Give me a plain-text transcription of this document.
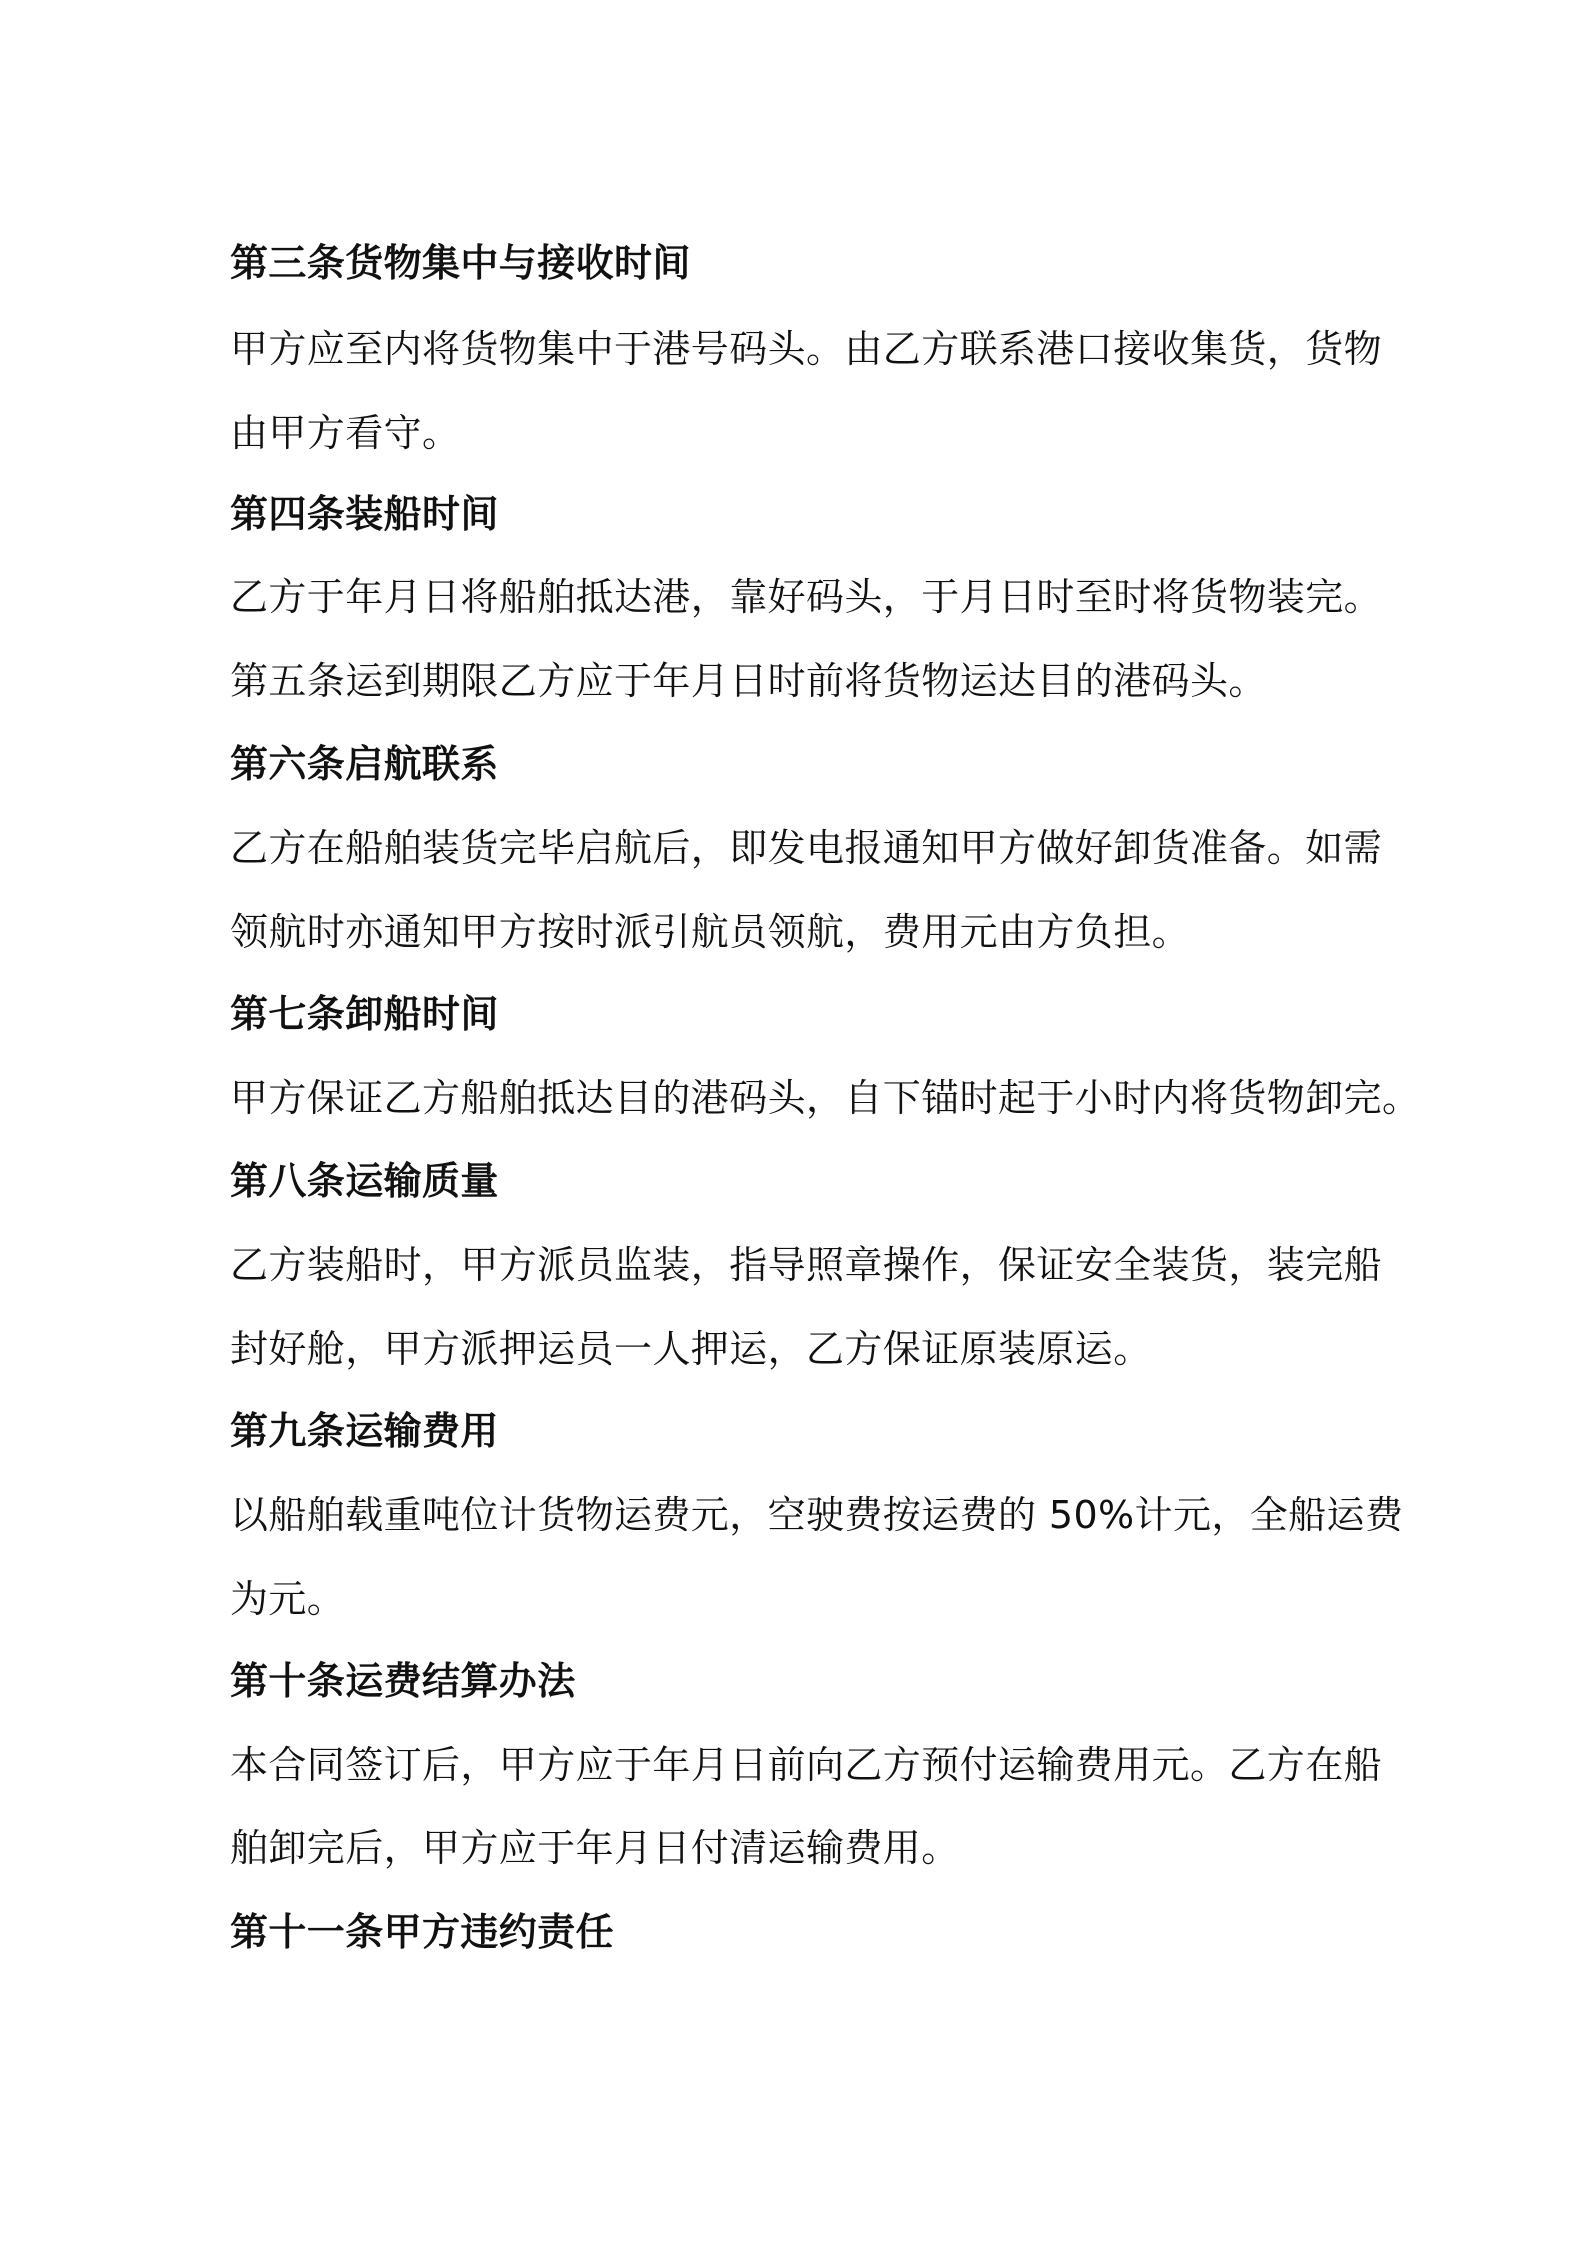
第三条货物集中与接收时间
甲方应至内将货物集中于港号码头。由乙方联系港口接收集货，货物
由甲方看守。
第四条装船时间
乙方于年月日将船舶抵达港，靠好码头，于月日时至时将货物装完。
第五条运到期限乙方应于年月日时前将货物运达目的港码头。
第六条启航联系
乙方在船舶装货完毕启航后，即发电报通知甲方做好卸货准备。如需
领航时亦通知甲方按时派引航员领航，费用元由方负担。
第七条卸船时间
甲方保证乙方船舶抵达目的港码头，自下锚时起于小时内将货物卸完。
第八条运输质量
乙方装船时，甲方派员监装，指导照章操作，保证安全装货，装完船
封好舱，甲方派押运员一人押运，乙方保证原装原运。
第九条运输费用
以船舶载重吨位计货物运费元，空驶费按运费的 50%计元，全船运费
为元。
第十条运费结算办法
本合同签订后，甲方应于年月日前向乙方预付运输费用元。乙方在船
舶卸完后，甲方应于年月日付清运输费用。
第十一条甲方违约责任
